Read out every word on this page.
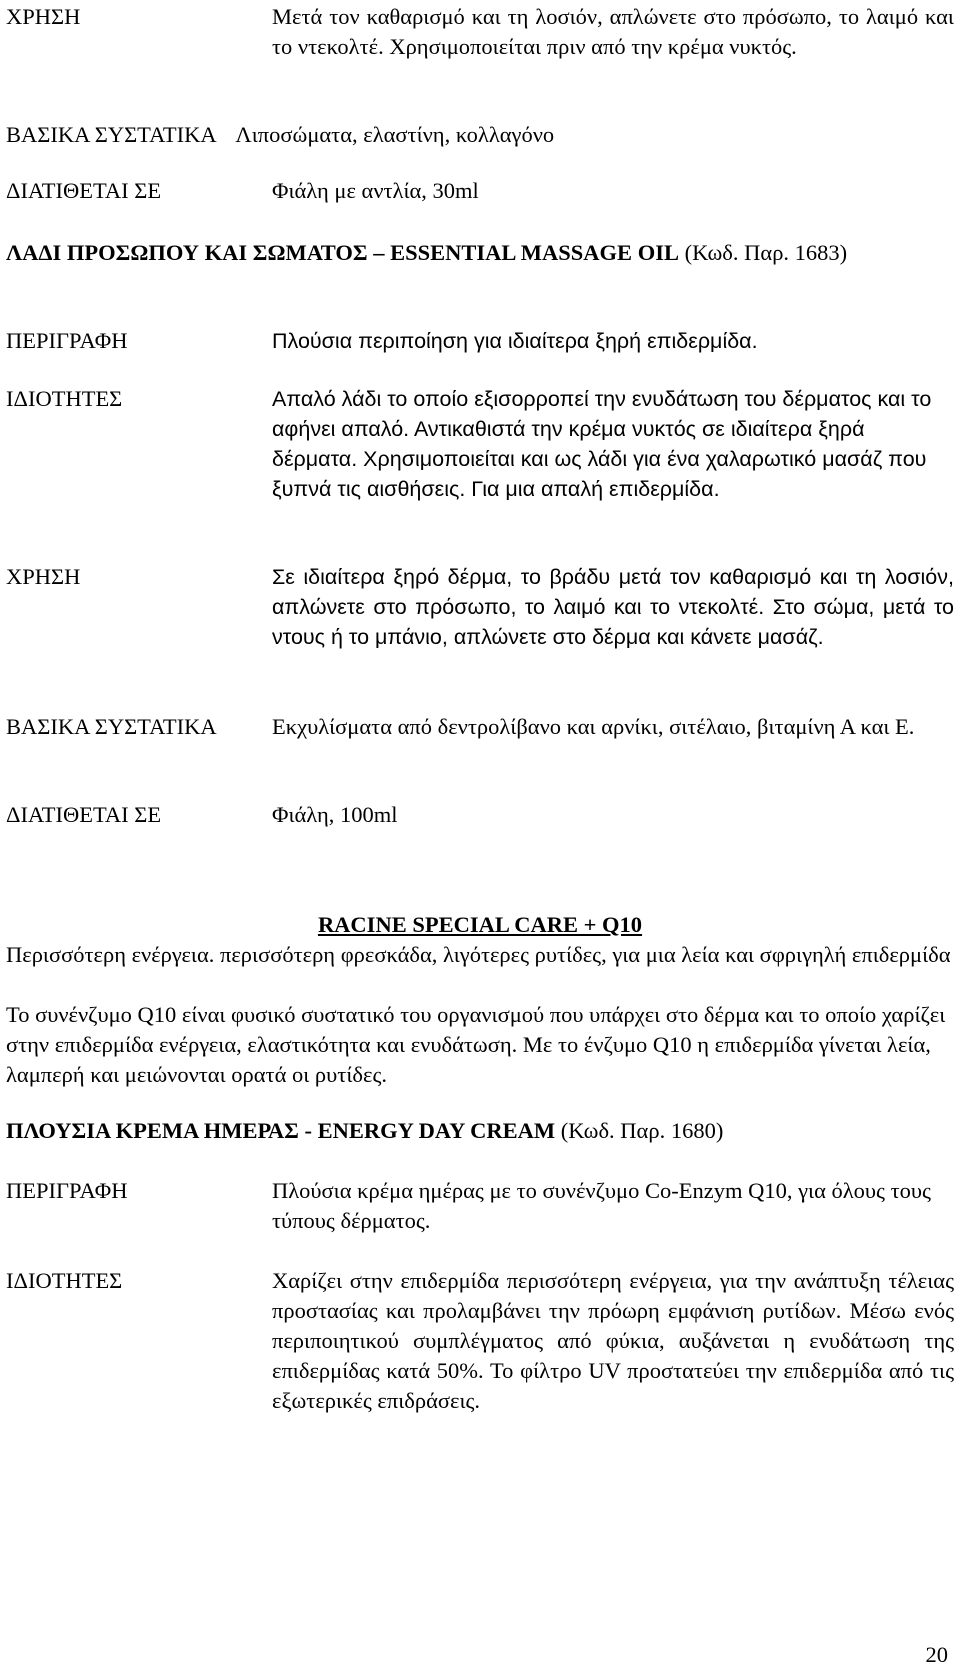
ΧΡΗΣΗ	Μετά τον καθαρισμό και τη λοσιόν, απλώνετε στο πρόσωπο, το λαιμό και το ντεκολτέ. Χρησιμοποιείται πριν από την κρέμα νυκτός.
ΒΑΣΙΚΑ ΣΥΣΤΑΤΙΚΑ Λιποσώματα, ελαστίνη, κολλαγόνο
ΔΙΑΤΙΘΕΤΑΙ ΣΕ	Φιάλη με αντλία, 30ml
ΛΑΔΙ ΠΡΟΣΩΠΟΥ ΚΑΙ ΣΩΜΑΤΟΣ – ESSENTIAL MASSAGE OIL (Κωδ. Παρ. 1683)
ΠΕΡΙΓΡΑΦΗ	Πλούσια περιποίηση για ιδιαίτερα ξηρή επιδερμίδα.
ΙΔΙΟΤΗΤΕΣ	Απαλό λάδι το οποίο εξισορροπεί την ενυδάτωση του δέρματος και το αφήνει απαλό. Αντικαθιστά την κρέμα νυκτός σε ιδιαίτερα ξηρά δέρματα. Χρησιμοποιείται και ως λάδι για ένα χαλαρωτικό μασάζ που ξυπνά τις αισθήσεις. Για μια απαλή επιδερμίδα.
ΧΡΗΣΗ	Σε ιδιαίτερα ξηρό δέρμα, το βράδυ μετά τον καθαρισμό και τη λοσιόν, απλώνετε στο πρόσωπο, το λαιμό και το ντεκολτέ. Στο σώμα, μετά το ντους ή το μπάνιο, απλώνετε στο δέρμα και κάνετε μασάζ.
ΒΑΣΙΚΑ ΣΥΣΤΑΤΙΚΑ Εκχυλίσματα από δεντρολίβανο και αρνίκι, σιτέλαιο, βιταμίνη Α και Ε.
ΔΙΑΤΙΘΕΤΑΙ ΣΕ	Φιάλη, 100ml
RACINE SPECIAL CARE + Q10
Περισσότερη ενέργεια. περισσότερη φρεσκάδα, λιγότερες ρυτίδες, για μια λεία και σφριγηλή επιδερμίδα
Το συνένζυμο Q10 είναι φυσικό συστατικό του οργανισμού που υπάρχει στο δέρμα και το οποίο χαρίζει στην επιδερμίδα ενέργεια, ελαστικότητα και ενυδάτωση. Με το ένζυμο Q10 η επιδερμίδα γίνεται λεία, λαμπερή και μειώνονται ορατά οι ρυτίδες.
ΠΛΟΥΣΙΑ ΚΡΕΜΑ ΗΜΕΡΑΣ - ENERGY DAY CREAM (Κωδ. Παρ. 1680)
ΠΕΡΙΓΡΑΦΗ	Πλούσια κρέμα ημέρας με το συνένζυμο Co-Enzym Q10, για όλους τους τύπους δέρματος.
ΙΔΙΟΤΗΤΕΣ	Χαρίζει στην επιδερμίδα περισσότερη ενέργεια, για την ανάπτυξη τέλειας προστασίας και προλαμβάνει την πρόωρη εμφάνιση ρυτίδων. Μέσω ενός περιποιητικού συμπλέγματος από φύκια, αυξάνεται η ενυδάτωση της επιδερμίδας κατά 50%. Το φίλτρο UV προστατεύει την επιδερμίδα από τις εξωτερικές επιδράσεις.
20
